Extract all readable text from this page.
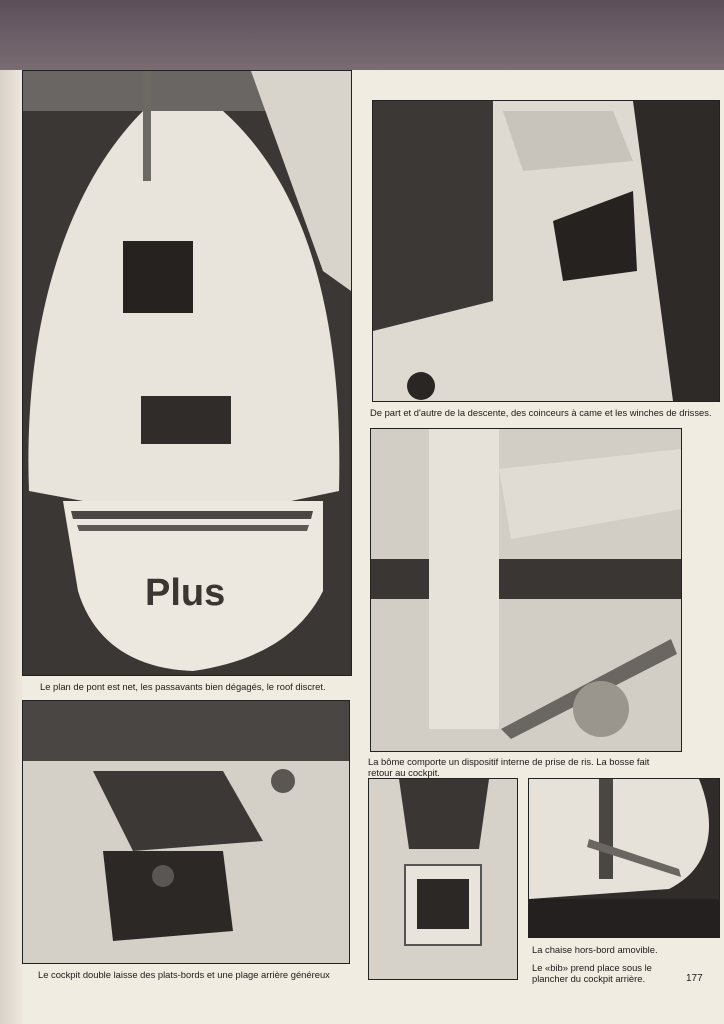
Plus
Le plan de pont est net, les passavants bien dégagés, le roof discret.
De part et d'autre de la descente, des coinceurs à came et les winches de drisses.
La bôme comporte un dispositif interne de prise de ris. La bosse fait
retour au cockpit.
Le cockpit double laisse des plats-bords et une plage arrière généreux
La chaise hors-bord amovible.
Le «bib» prend place sous le
plancher du cockpit arrière.	177
